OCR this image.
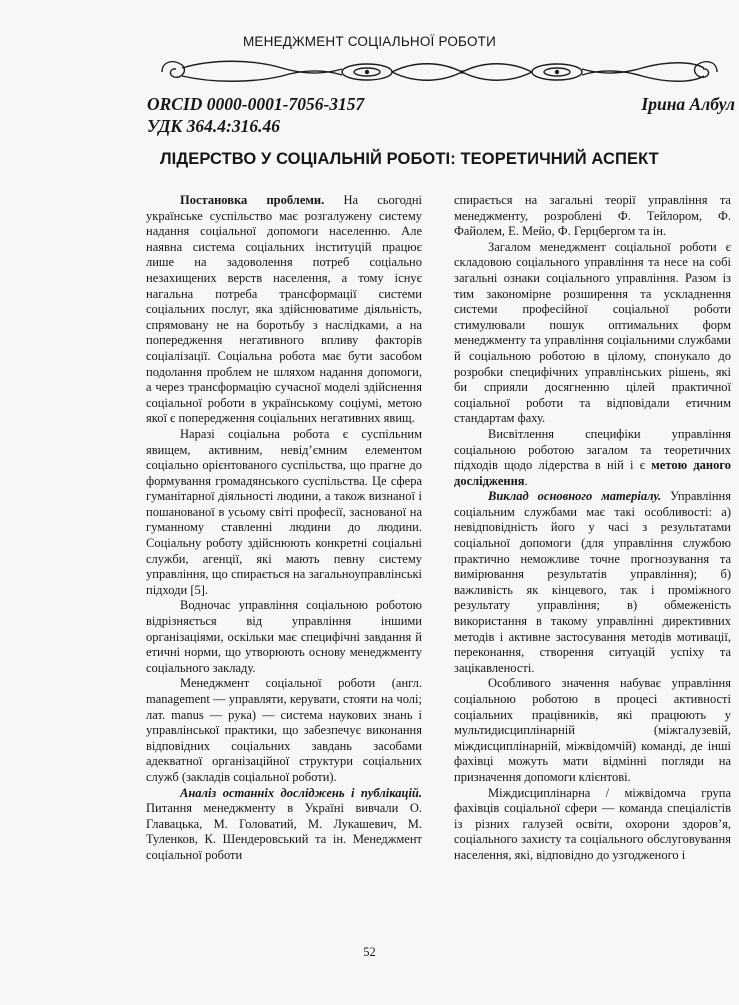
МЕНЕДЖМЕНТ СОЦІАЛЬНОЇ РОБОТИ
ORCID 0000-0001-7056-3157
УДК 364.4:316.46
Ірина Албул
ЛІДЕРСТВО У СОЦІАЛЬНІЙ РОБОТІ: ТЕОРЕТИЧНИЙ АСПЕКТ

Постановка проблеми. На сьогодні українське суспільство має розгалужену систему надання соціальної допомоги населенню. Але наявна система соціальних інституцій працює лише на задоволення потреб соціально незахищених верств населення, а тому існує нагальна потреба трансформації системи соціальних послуг, яка здійснюватиме діяльність, спрямовану не на боротьбу з наслідками, а на попередження негативного впливу факторів соціалізації. Соціальна робота має бути засобом подолання проблем не шляхом надання допомоги, а через трансформацію сучасної моделі здійснення соціальної роботи в українському соціумі, метою якої є попередження соціальних негативних явищ.

Наразі соціальна робота є суспільним явищем, активним, невід’ємним елементом соціально орієнтованого суспільства, що прагне до формування громадянського суспільства. Це сфера гуманітарної діяльності людини, а також визнаної і пошанованої в усьому світі професії, заснованої на гуманному ставленні людини до людини. Соціальну роботу здійснюють конкретні соціальні служби, агенції, які мають певну систему управління, що спирається на загальноуправлінські підходи [5].

Водночас управління соціальною роботою відрізняється від управління іншими організаціями, оскільки має специфічні завдання й етичні норми, що утворюють основу менеджменту соціального закладу.

Менеджмент соціальної роботи (англ. management — управляти, керувати, стояти на чолі; лат. manus — рука) — система наукових знань і управлінської практики, що забезпечує виконання відповідних соціальних завдань засобами адекватної організаційної структури соціальних служб (закладів соціальної роботи).

Аналіз останніх досліджень і публікацій. Питання менеджменту в Україні вивчали О. Главацька, М. Головатий, М. Лукашевич, М. Туленков, К. Шендеровський та ін. Менеджмент соціальної роботи

спирається на загальні теорії управління та менеджменту, розроблені Ф. Тейлором, Ф. Файолем, Е. Мейо, Ф. Герцбергом та ін.

Загалом менеджмент соціальної роботи є складовою соціального управління та несе на собі загальні ознаки соціального управління. Разом із тим закономірне розширення та ускладнення системи професійної соціальної роботи стимулювали пошук оптимальних форм менеджменту та управління соціальними службами й соціальною роботою в цілому, спонукало до розробки специфічних управлінських рішень, які би сприяли досягненню цілей практичної соціальної роботи та відповідали етичним стандартам фаху.

Висвітлення специфіки управління соціальною роботою загалом та теоретичних підходів щодо лідерства в ній і є метою даного дослідження.

Виклад основного матеріалу. Управління соціальним службами має такі особливості: а) невідповідність його у часі з результатами соціальної допомоги (для управління службою практично неможливе точне прогнозування та вимірювання результатів управління); б) важливість як кінцевого, так і проміжного результату управління; в) обмеженість використання в такому управлінні директивних методів і активне застосування методів мотивації, переконання, створення ситуацій успіху та зацікавленості.

Особливого значення набуває управління соціальною роботою в процесі активності соціальних працівників, які працюють у мультидисциплінарній (міжгалузевій, міждисциплінарній, міжвідомчій) команді, де інші фахівці можуть мати відмінні погляди на призначення допомоги клієнтові.

Міждисциплінарна / міжвідомча група фахівців соціальної сфери — команда спеціалістів із різних галузей освіти, охорони здоров’я, соціального захисту та соціального обслуговування населення, які, відповідно до узгодженого і

52
